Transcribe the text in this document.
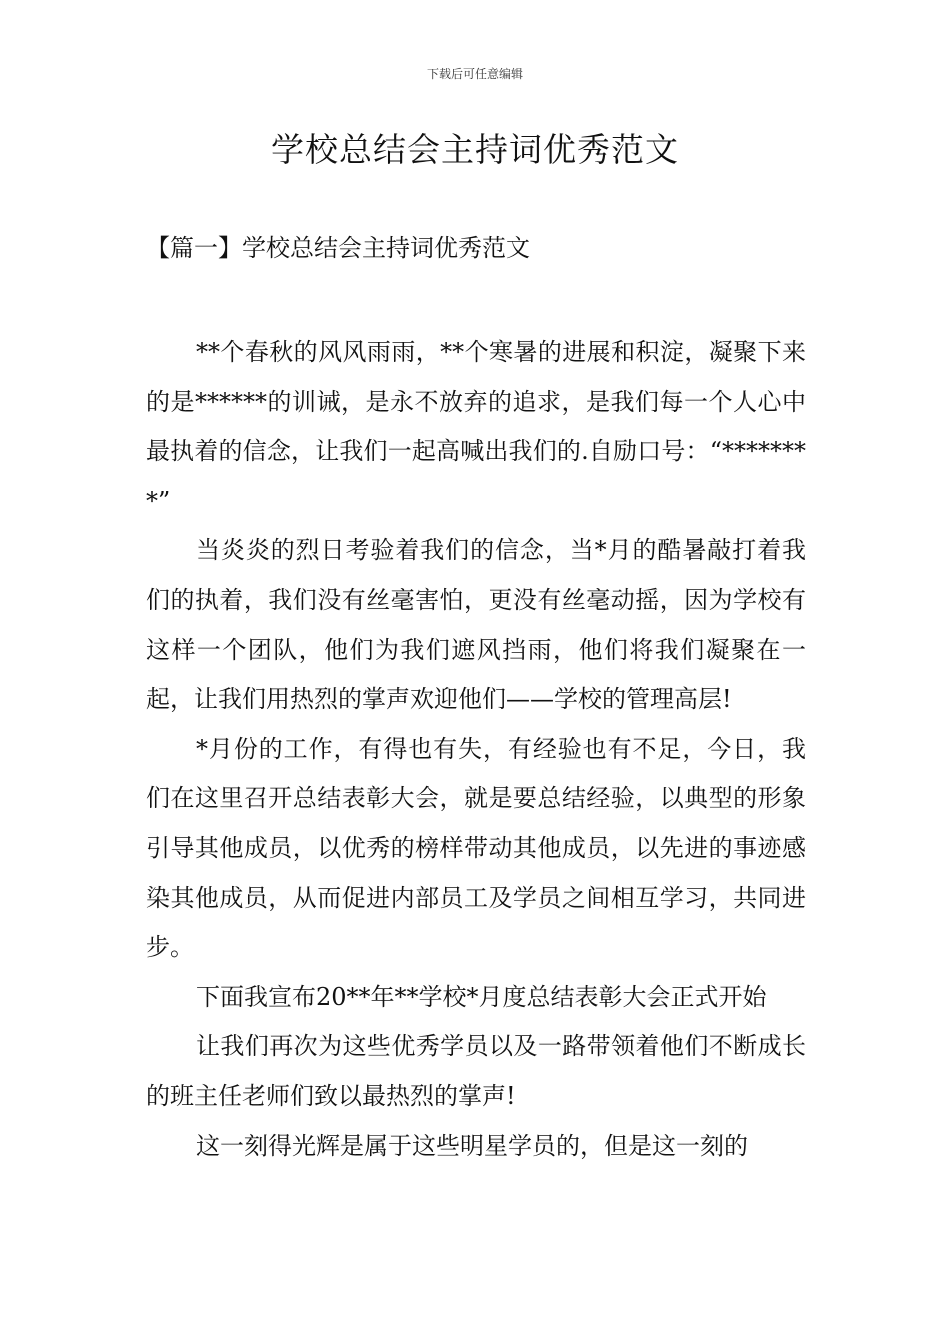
下载后可任意编辑
学校总结会主持词优秀范文
【篇一】学校总结会主持词优秀范文

**个春秋的风风雨雨，**个寒暑的进展和积淀，凝聚下来的是******的训诫，是永不放弃的追求，是我们每一个人心中最执着的信念，让我们一起高喊出我们的.自励口号：“********”

当炎炎的烈日考验着我们的信念，当*月的酷暑敲打着我们的执着，我们没有丝毫害怕，更没有丝毫动摇，因为学校有这样一个团队，他们为我们遮风挡雨，他们将我们凝聚在一起，让我们用热烈的掌声欢迎他们——学校的管理高层!

*月份的工作，有得也有失，有经验也有不足，今日，我们在这里召开总结表彰大会，就是要总结经验，以典型的形象引导其他成员，以优秀的榜样带动其他成员，以先进的事迹感染其他成员，从而促进内部员工及学员之间相互学习，共同进步。

下面我宣布20**年**学校*月度总结表彰大会正式开始

让我们再次为这些优秀学员以及一路带领着他们不断成长的班主任老师们致以最热烈的掌声!

这一刻得光辉是属于这些明星学员的，但是这一刻的
